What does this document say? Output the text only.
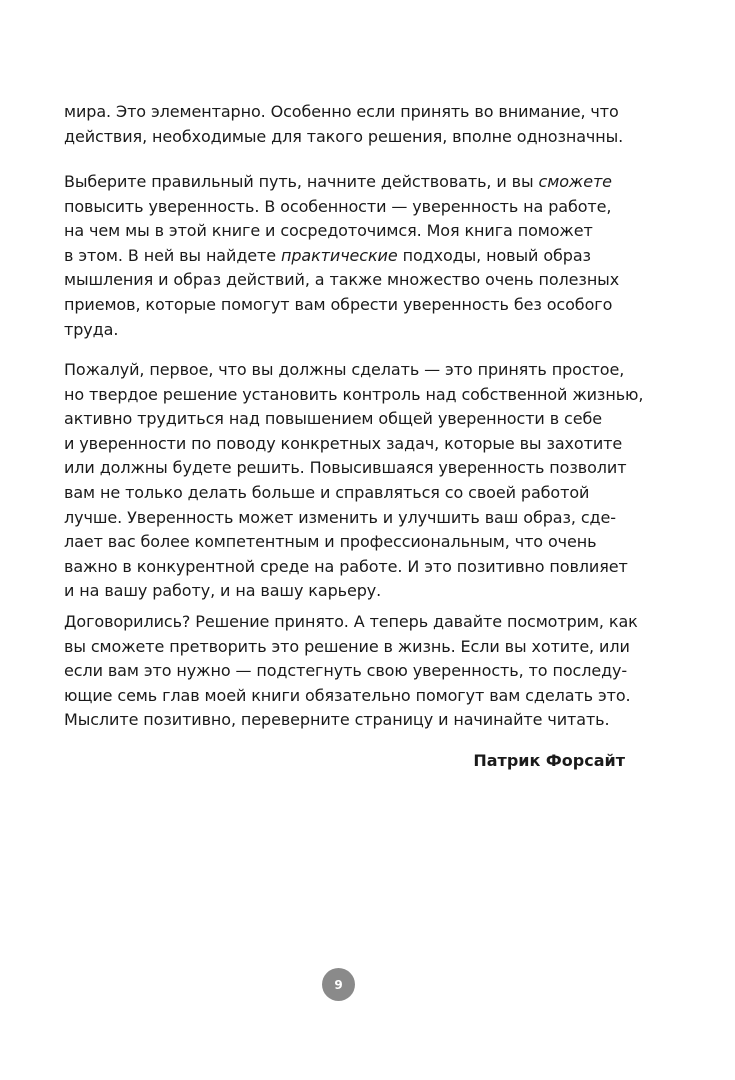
мира. Это элементарно. Особенно если принять во внимание, что
действия, необходимые для такого решения, вполне однозначны.
Выберите правильный путь, начните действовать, и вы сможете
повысить уверенность. В особенности — уверенность на работе,
на чем мы в этой книге и сосредоточимся. Моя книга поможет
в этом. В ней вы найдете практические подходы, новый образ
мышления и образ действий, а также множество очень полезных
приемов, которые помогут вам обрести уверенность без особого
труда.
Пожалуй, первое, что вы должны сделать — это принять простое,
но твердое решение установить контроль над собственной жизнью,
активно трудиться над повышением общей уверенности в себе
и уверенности по поводу конкретных задач, которые вы захотите
или должны будете решить. Повысившаяся уверенность позволит
вам не только делать больше и справляться со своей работой
лучше. Уверенность может изменить и улучшить ваш образ, сде-
лает вас более компетентным и профессиональным, что очень
важно в конкурентной среде на работе. И это позитивно повлияет
и на вашу работу, и на вашу карьеру.
Договорились? Решение принято. А теперь давайте посмотрим, как
вы сможете претворить это решение в жизнь. Если вы хотите, или
если вам это нужно — подстегнуть свою уверенность, то последу-
ющие семь глав моей книги обязательно помогут вам сделать это.
Мыслите позитивно, переверните страницу и начинайте читать.
Патрик Форсайт
9
